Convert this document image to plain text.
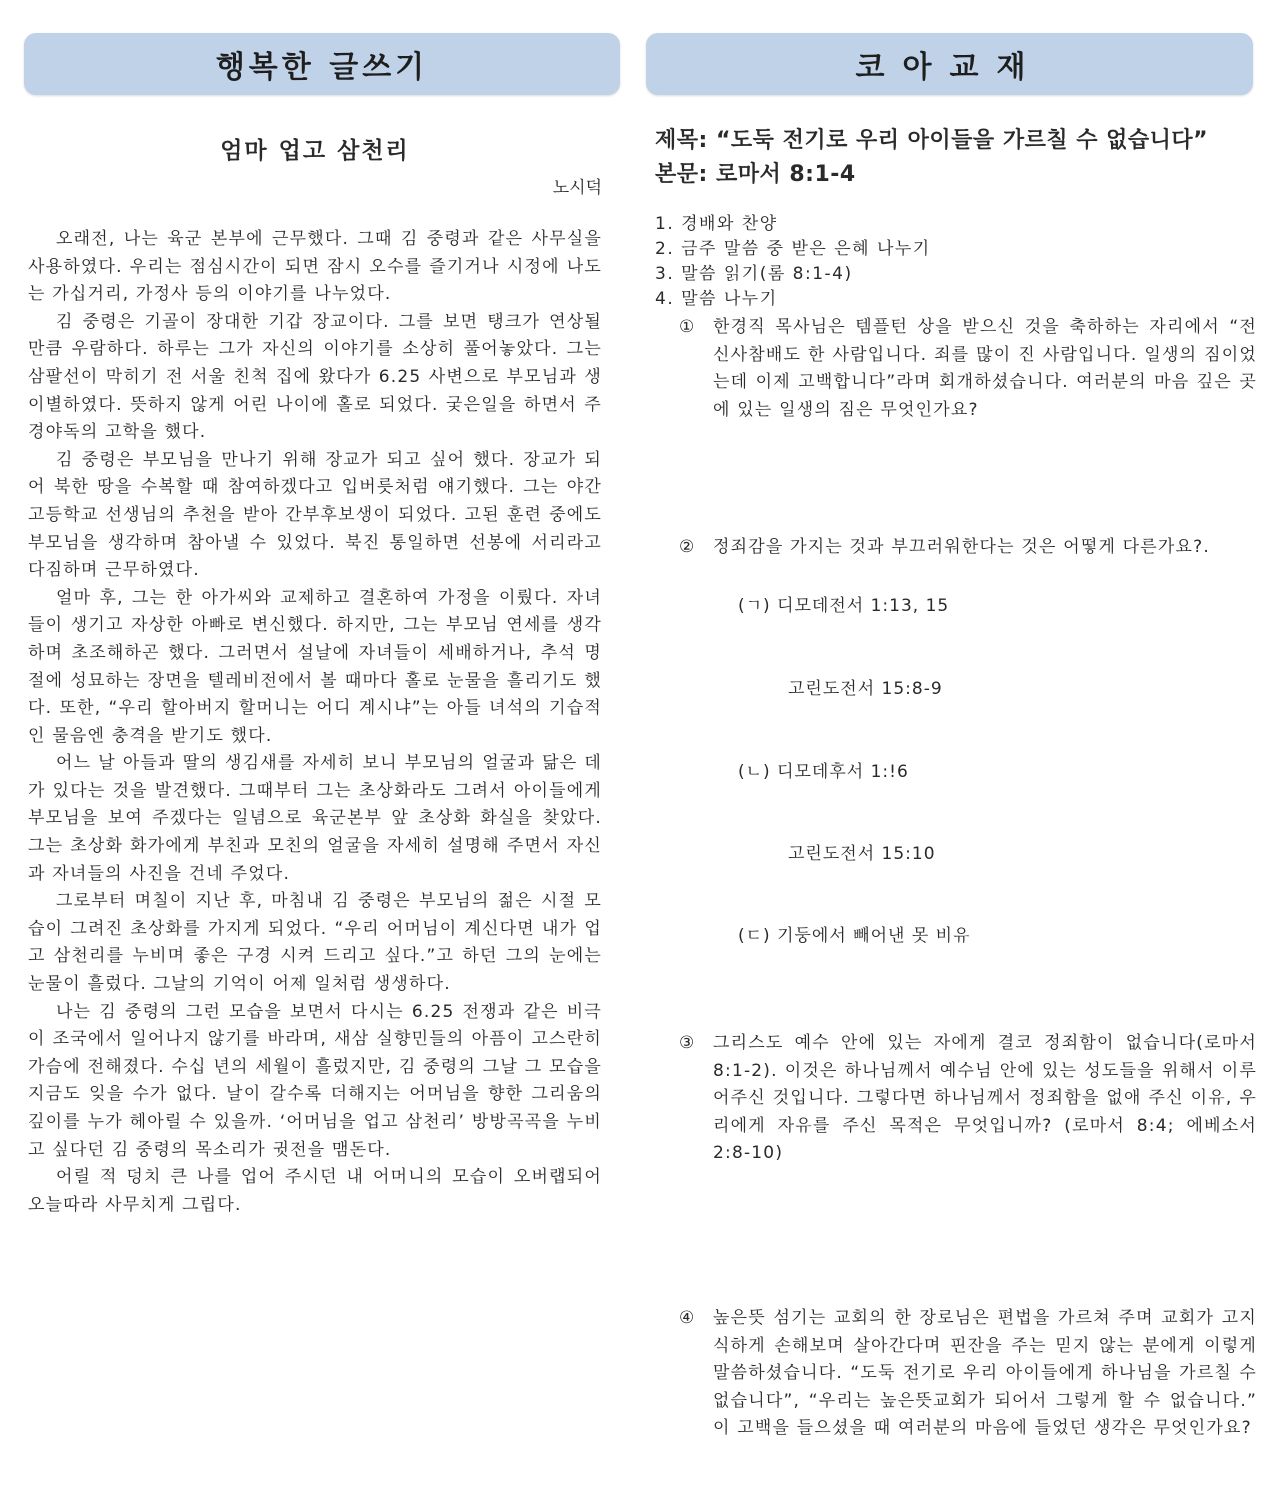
행복한 글쓰기	코아교재
엄마 업고 삼천리
노시덕

오래전, 나는 육군 본부에 근무했다. 그때 김 중령과 같은 사무실을 사용하였다. 우리는 점심시간이 되면 잠시 오수를 즐기거나 시정에 나도는 가십거리, 가정사 등의 이야기를 나누었다.

김 중령은 기골이 장대한 기갑 장교이다. 그를 보면 탱크가 연상될 만큼 우람하다. 하루는 그가 자신의 이야기를 소상히 풀어놓았다. 그는 삼팔선이 막히기 전 서울 친척 집에 왔다가 6.25 사변으로 부모님과 생이별하였다. 뜻하지 않게 어린 나이에 홀로 되었다. 궂은일을 하면서 주경야독의 고학을 했다.

김 중령은 부모님을 만나기 위해 장교가 되고 싶어 했다. 장교가 되어 북한 땅을 수복할 때 참여하겠다고 입버릇처럼 얘기했다. 그는 야간 고등학교 선생님의 추천을 받아 간부후보생이 되었다. 고된 훈련 중에도 부모님을 생각하며 참아낼 수 있었다. 북진 통일하면 선봉에 서리라고 다짐하며 근무하였다.

얼마 후, 그는 한 아가씨와 교제하고 결혼하여 가정을 이뤘다. 자녀들이 생기고 자상한 아빠로 변신했다. 하지만, 그는 부모님 연세를 생각하며 초조해하곤 했다. 그러면서 설날에 자녀들이 세배하거나, 추석 명절에 성묘하는 장면을 텔레비전에서 볼 때마다 홀로 눈물을 흘리기도 했다. 또한, “우리 할아버지 할머니는 어디 계시냐”는 아들 녀석의 기습적인 물음엔 충격을 받기도 했다.

어느 날 아들과 딸의 생김새를 자세히 보니 부모님의 얼굴과 닮은 데가 있다는 것을 발견했다. 그때부터 그는 초상화라도 그려서 아이들에게 부모님을 보여 주겠다는 일념으로 육군본부 앞 초상화 화실을 찾았다. 그는 초상화 화가에게 부친과 모친의 얼굴을 자세히 설명해 주면서 자신과 자녀들의 사진을 건네 주었다.

그로부터 며칠이 지난 후, 마침내 김 중령은 부모님의 젊은 시절 모습이 그려진 초상화를 가지게 되었다. “우리 어머님이 계신다면 내가 업고 삼천리를 누비며 좋은 구경 시켜 드리고 싶다.”고 하던 그의 눈에는 눈물이 흘렀다. 그날의 기억이 어제 일처럼 생생하다.

나는 김 중령의 그런 모습을 보면서 다시는 6.25 전쟁과 같은 비극이 조국에서 일어나지 않기를 바라며, 새삼 실향민들의 아픔이 고스란히 가슴에 전해졌다. 수십 년의 세월이 흘렀지만, 김 중령의 그날 그 모습을 지금도 잊을 수가 없다. 날이 갈수록 더해지는 어머님을 향한 그리움의 깊이를 누가 헤아릴 수 있을까. ‘어머님을 업고 삼천리’ 방방곡곡을 누비고 싶다던 김 중령의 목소리가 귓전을 맴돈다.

어릴 적 덩치 큰 나를 업어 주시던 내 어머니의 모습이 오버랩되어 오늘따라 사무치게 그립다.

제목: “도둑 전기로 우리 아이들을 가르칠 수 없습니다”
본문: 로마서 8:1-4
1. 경배와 찬양
2. 금주 말씀 중 받은 은혜 나누기
3. 말씀 읽기(롬 8:1-4)
4. 말씀 나누기
① 한경직 목사님은 템플턴 상을 받으신 것을 축하하는 자리에서 “전 신사참배도 한 사람입니다. 죄를 많이 진 사람입니다. 일생의 짐이었는데 이제 고백합니다”라며 회개하셨습니다. 여러분의 마음 깊은 곳에 있는 일생의 짐은 무엇인가요?
② 정죄감을 가지는 것과 부끄러워한다는 것은 어떻게 다른가요?.
(ㄱ) 디모데전서 1:13, 15
고린도전서 15:8-9
(ㄴ) 디모데후서 1:!6
고린도전서 15:10
(ㄷ) 기둥에서 빼어낸 못 비유
③ 그리스도 예수 안에 있는 자에게 결코 정죄함이 없습니다(로마서 8:1-2). 이것은 하나님께서 예수님 안에 있는 성도들을 위해서 이루어주신 것입니다. 그렇다면 하나님께서 정죄함을 없애 주신 이유, 우리에게 자유를 주신 목적은 무엇입니까? (로마서 8:4; 에베소서 2:8-10)
④ 높은뜻 섬기는 교회의 한 장로님은 편법을 가르쳐 주며 교회가 고지식하게 손해보며 살아간다며 핀잔을 주는 믿지 않는 분에게 이렇게 말씀하셨습니다. “도둑 전기로 우리 아이들에게 하나님을 가르칠 수 없습니다”, “우리는 높은뜻교회가 되어서 그렇게 할 수 없습니다.” 이 고백을 들으셨을 때 여러분의 마음에 들었던 생각은 무엇인가요?
